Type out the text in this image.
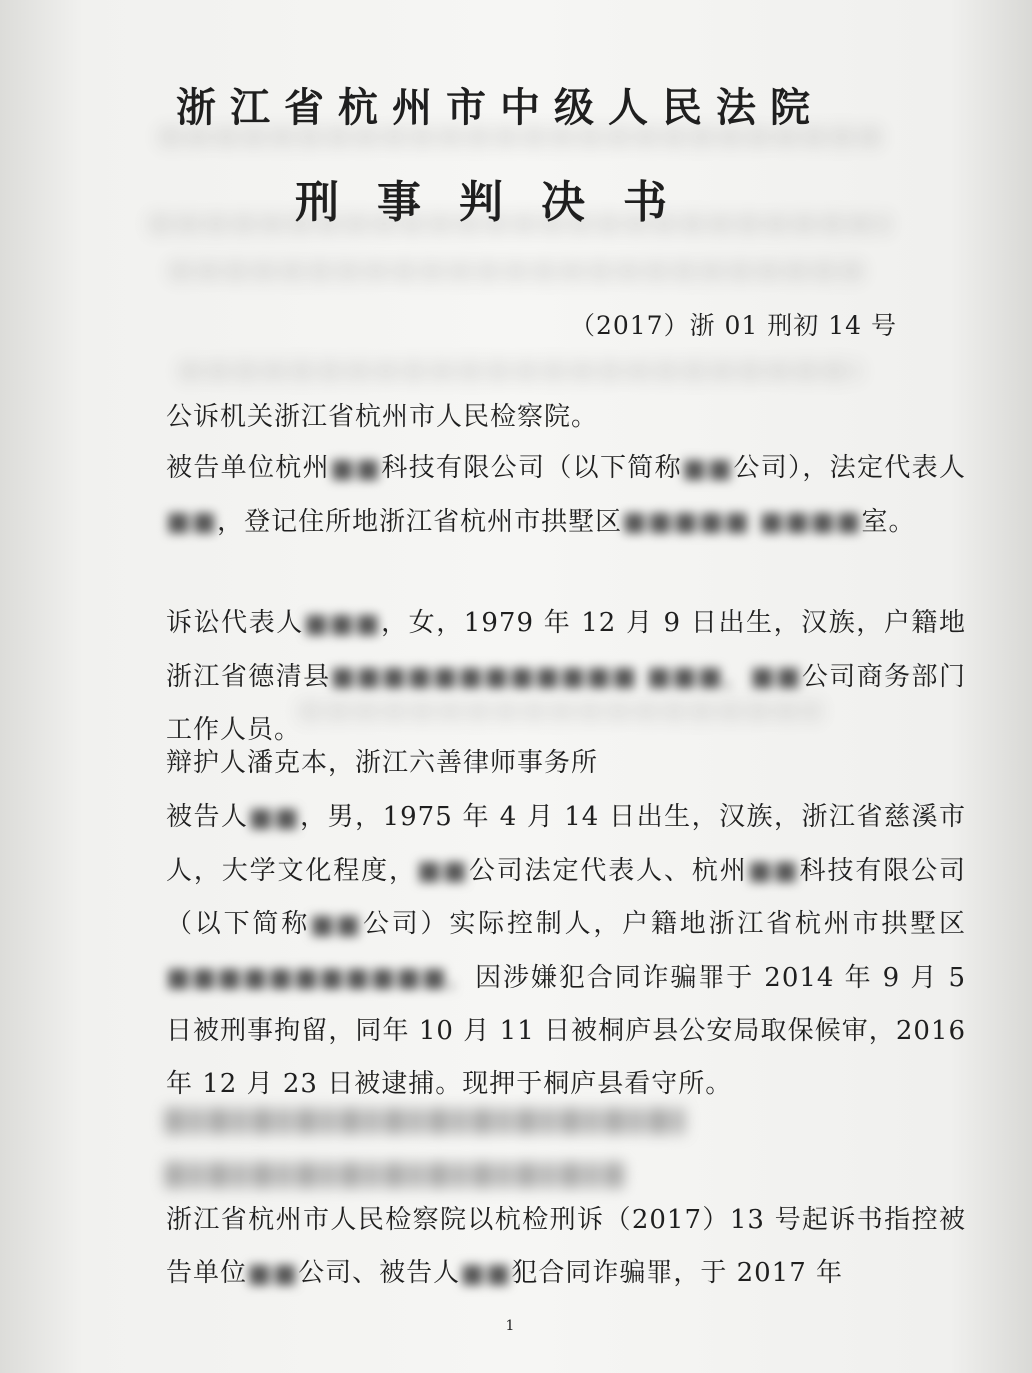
浙江省杭州市中级人民法院
刑事判决书
（2017）浙 01 刑初 14 号
公诉机关浙江省杭州市人民检察院。
被告单位杭州■■科技有限公司（以下简称■■公司），法定代表人■■，登记住所地浙江省杭州市拱墅区■■■■■ ■■■■室。
诉讼代表人■■■，女，1979 年 12 月 9 日出生，汉族，户籍地浙江省德清县■■■■■■■■■■■■ ■■■，■■公司商务部门工作人员。
辩护人潘克本，浙江六善律师事务所
被告人■■，男，1975 年 4 月 14 日出生，汉族，浙江省慈溪市人，大学文化程度，■■公司法定代表人、杭州■■科技有限公司（以下简称■■公司）实际控制人，户籍地浙江省杭州市拱墅区■■■■■■■■■■■，因涉嫌犯合同诈骗罪于 2014 年 9 月 5 日被刑事拘留，同年 10 月 11 日被桐庐县公安局取保候审，2016 年 12 月 23 日被逮捕。现押于桐庐县看守所。
浙江省杭州市人民检察院以杭检刑诉（2017）13 号起诉书指控被告单位■■公司、被告人■■犯合同诈骗罪，于 2017 年
1
